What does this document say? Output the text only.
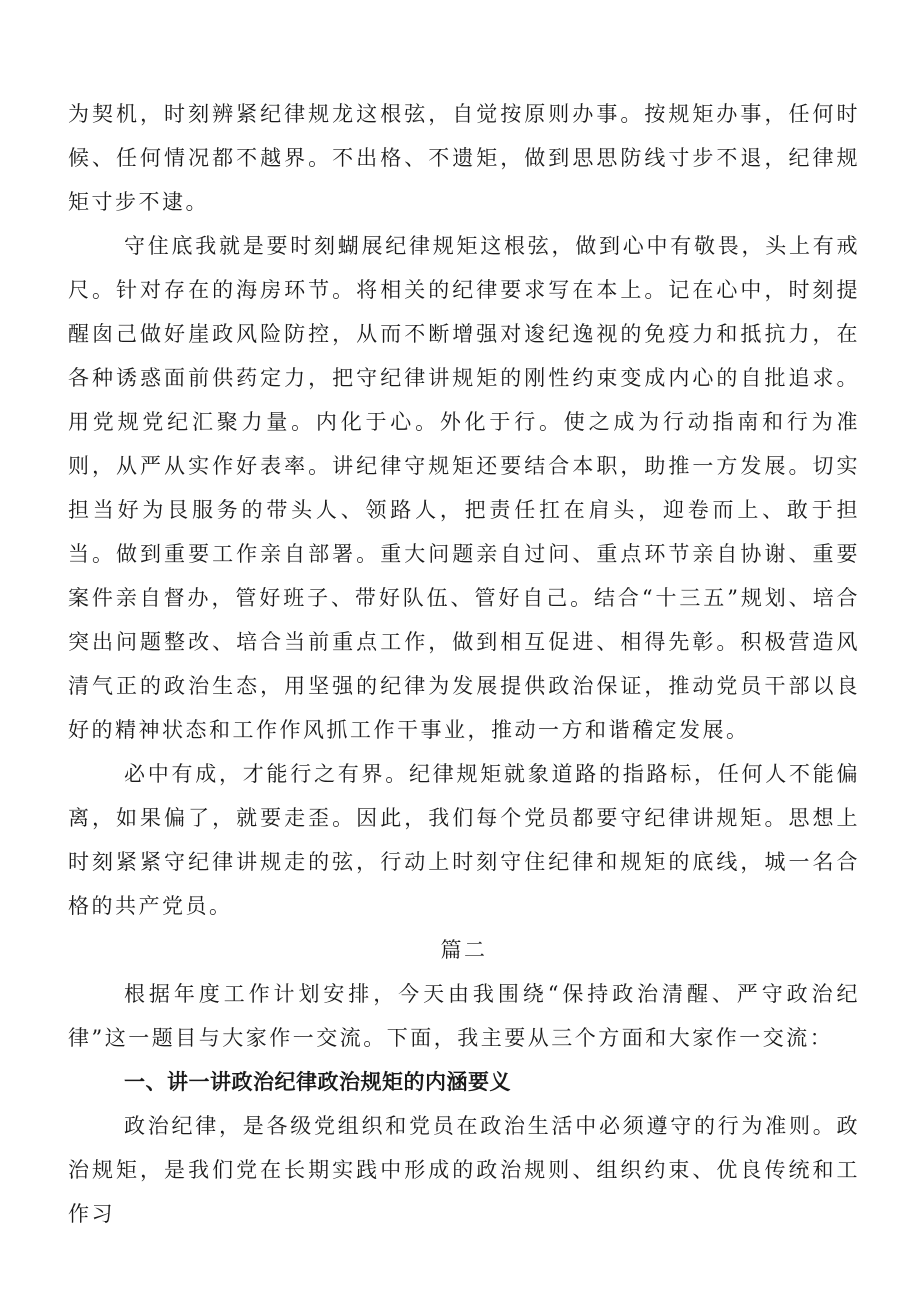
为契机，时刻辨紧纪律规龙这根弦，自觉按原则办事。按规矩办事，任何时候、任何情况都不越界。不出格、不遗矩，做到思思防线寸步不退，纪律规矩寸步不逮。

守住底我就是要时刻蝴展纪律规矩这根弦，做到心中有敬畏，头上有戒尺。针对存在的海房环节。将相关的纪律要求写在本上。记在心中，时刻提醒囱己做好崖政风险防控，从而不断增强对逡纪逸视的免疫力和抵抗力，在各种诱惑面前供药定力，把守纪律讲规矩的刚性约束变成内心的自批追求。用党规党纪汇聚力量。内化于心。外化于行。使之成为行动指南和行为准则，从严从实作好表率。讲纪律守规矩还要结合本职，助推一方发展。切实担当好为艮服务的带头人、领路人，把责任扛在肩头，迎卷而上、敢于担当。做到重要工作亲自部署。重大问题亲自过问、重点环节亲自协谢、重要案件亲自督办，管好班子、带好队伍、管好自己。结合“十三五”规划、培合突出问题整改、培合当前重点工作，做到相互促进、相得先彰。积极营造风清气正的政治生态，用坚强的纪律为发展提供政治保证，推动党员干部以良好的精神状态和工作作风抓工作干事业，推动一方和谐稽定发展。

必中有成，才能行之有界。纪律规矩就象道路的指路标，任何人不能偏离，如果偏了，就要走歪。因此，我们每个党员都要守纪律讲规矩。思想上时刻紧紧守纪律讲规走的弦，行动上时刻守住纪律和规矩的底线，城一名合格的共产党员。

篇二

根据年度工作计划安排，今天由我围绕“保持政治清醒、严守政治纪律”这一题目与大家作一交流。下面，我主要从三个方面和大家作一交流：

一、讲一讲政治纪律政治规矩的内涵要义

政治纪律，是各级党组织和党员在政治生活中必须遵守的行为准则。政治规矩，是我们党在长期实践中形成的政治规则、组织约束、优良传统和工作习
